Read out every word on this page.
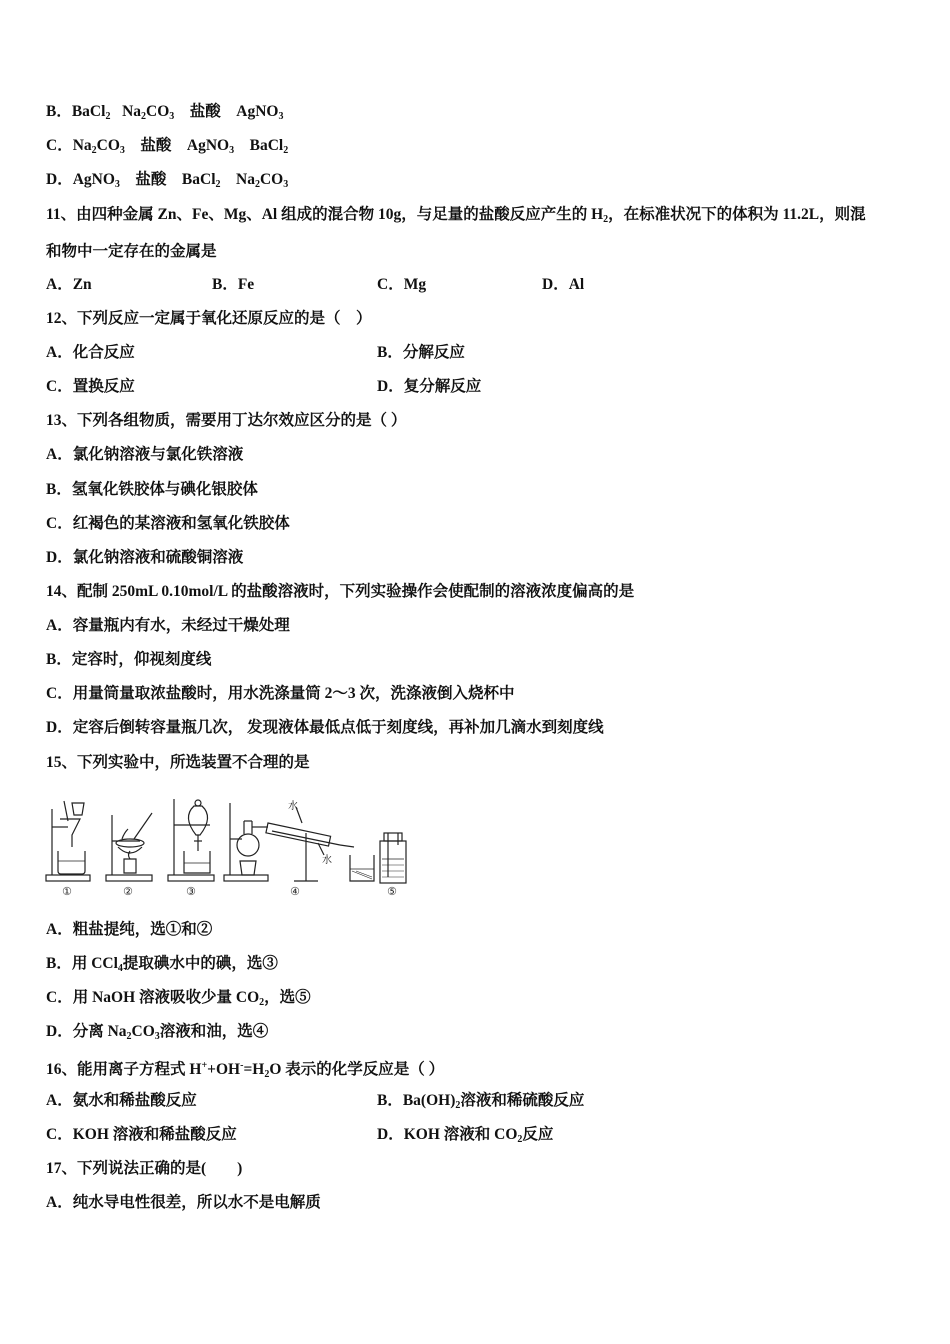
B．BaCl$_2$ $Na_2CO_3$ 盐酸 AgNO$_3$
C．$Na_2CO_3$ 盐酸 AgNO$_3$ BaCl$_2$
D．AgNO$_3$ 盐酸 BaCl$_2$ $Na_2CO_3$
11、由四种金属 Zn、Fe、Mg、Al 组成的混合物 10g，与足量的盐酸反应产生的 $H_2$，在标准状况下的体积为 11.2L，则混
和物中一定存在的金属是
A．Zn	B．Fe	C．Mg	D．Al
12、下列反应一定属于氧化还原反应的是（　）
A．化合反应	B．分解反应
C．置换反应	D．复分解反应
13、下列各组物质，需要用丁达尔效应区分的是（ ）
A．氯化钠溶液与氯化铁溶液
B．氢氧化铁胶体与碘化银胶体
C．红褐色的某溶液和氢氧化铁胶体
D．氯化钠溶液和硫酸铜溶液
14、配制 250mL 0.10mol/L 的盐酸溶液时，下列实验操作会使配制的溶液浓度偏高的是
A．容量瓶内有水，未经过干燥处理
B．定容时，仰视刻度线
C．用量筒量取浓盐酸时，用水洗涤量筒 2～3 次，洗涤液倒入烧杯中
D．定容后倒转容量瓶几次， 发现液体最低点低于刻度线，再补加几滴水到刻度线
15、下列实验中，所选装置不合理的是
①	②	③
水
水
④	⑤
A．粗盐提纯，选①和②
B．用 CCl$_4$提取碘水中的碘，选③
C．用 NaOH 溶液吸收少量 $CO_2$，选⑤
D．分离 $Na_2CO_3$溶液和油，选④
16、能用离子方程式 $H^++OH^-=H_2O$ 表示的化学反应是（ ）
A．氨水和稀盐酸反应	B．$Ba(OH)_2$溶液和稀硫酸反应
C．KOH 溶液和稀盐酸反应	D．KOH 溶液和 $CO_2$反应
17、下列说法正确的是(　　)
A．纯水导电性很差，所以水不是电解质
